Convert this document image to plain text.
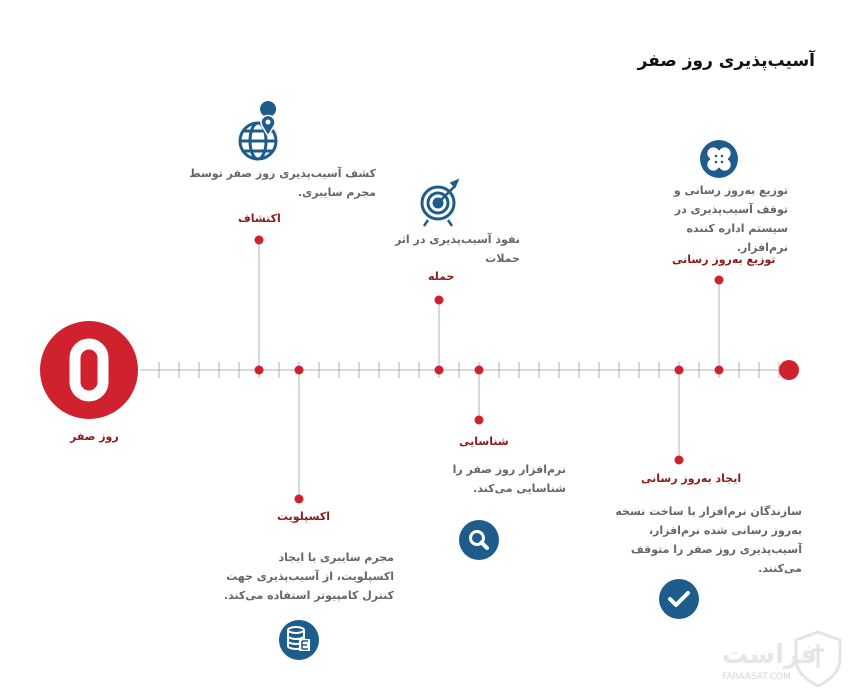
آسیب‌پذیری روز صفر
روز صفر
کشف آسیب‌پذیری روز صفر توسط مجرم سایبری.
اکتشاف
نفوذ آسیب‌پذیری در اثر حملات
حمله
توزیع به‌روز رسانی و توقف آسیب‌پذیری در سیستم اداره کننده نرم‌افزار.
توزیع به‌روز رسانی
اکسپلویت
مجرم سایبری با ایجاد اکسپلویت، از آسیب‌پذیری جهت کنترل کامپیوتر استفاده می‌کند.
شناسایی
نرم‌افزار روز صفر را شناسایی می‌کند.
ایجاد به‌روز رسانی
سازندگان نرم‌افزار با ساخت نسخه به‌روز رسانی شده نرم‌افزار، آسیب‌پذیری روز صفر را متوقف می‌کنند.
فراست
FARAASAT.COM
